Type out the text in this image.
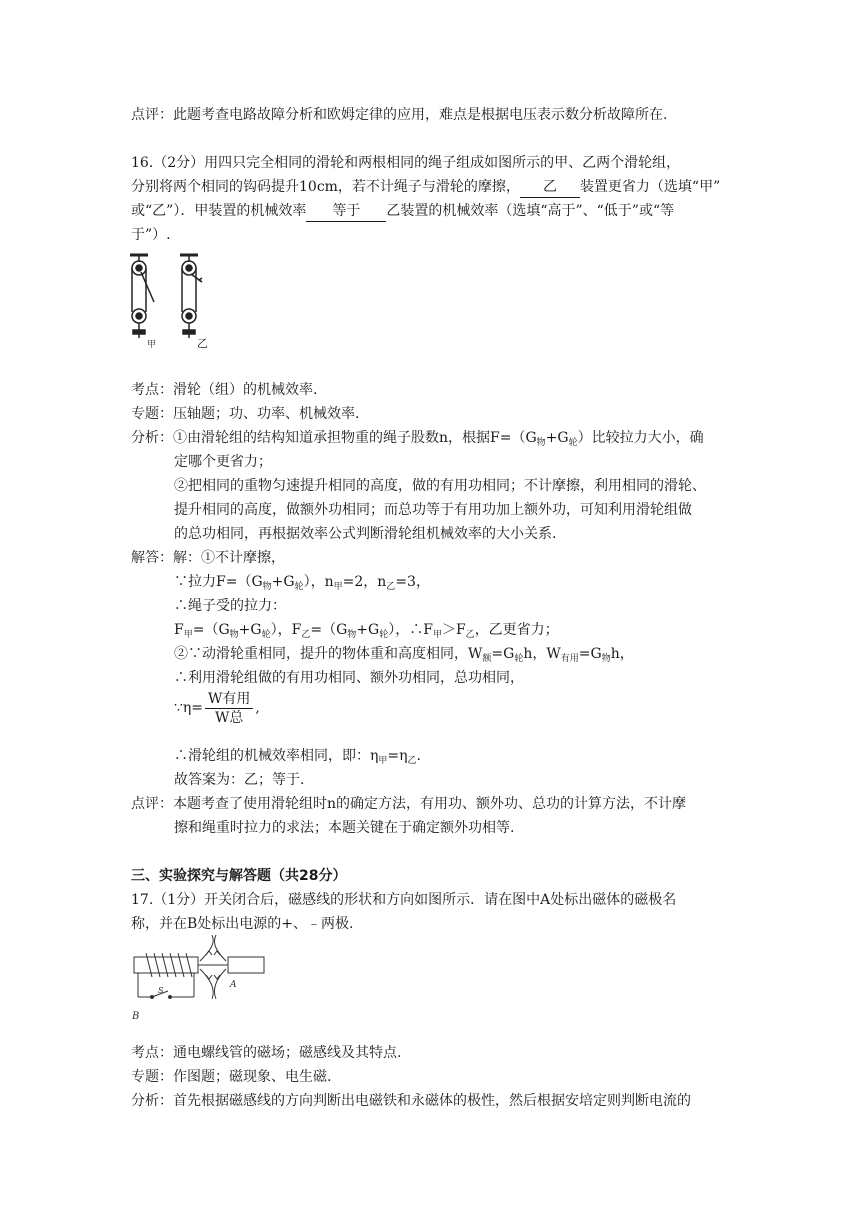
点评：此题考查电路故障分析和欧姆定律的应用，难点是根据电压表示数分析故障所在.
16.（2分）用四只完全相同的滑轮和两根相同的绳子组成如图所示的甲、乙两个滑轮组，
分别将两个相同的钩码提升10cm，若不计绳子与滑轮的摩擦， 乙 装置更省力（选填“甲”
或“乙”）．甲装置的机械效率 等于 乙装置的机械效率（选填“高于”、“低于”或“等
于”）.
甲	乙
考点：滑轮（组）的机械效率.
专题：压轴题；功、功率、机械效率.
分析：①由滑轮组的结构知道承担物重的绳子股数n，根据$F=(G_物+G_轮)$比较拉力大小，确
定哪个更省力；
②把相同的重物匀速提升相同的高度，做的有用功相同；不计摩擦，利用相同的滑轮、
提升相同的高度，做额外功相同；而总功等于有用功加上额外功，可知利用滑轮组做
的总功相同，再根据效率公式判断滑轮组机械效率的大小关系.
解答：解：①不计摩擦，
∵拉力$F=(G_物+G_轮)$，$n_甲=2$，$n_乙=3$，
∴绳子受的拉力：
$F_甲=(G_物+G_轮)$，$F_乙=(G_物+G_轮)$，$\therefore F_甲>F_乙$，乙更省力；
②∵动滑轮重相同，提升的物体重和高度相同，$W_额=G_轮h$，$W_{有用}=G_物h$，
∴利用滑轮组做的有用功相同、额外功相同，总功相同，
∵η= $\frac{\text{W有用}}{\text{W总}}$ ,
∴滑轮组的机械效率相同，即：$\eta_甲=\eta_乙$.
故答案为：乙；等于.
点评：本题考查了使用滑轮组时n的确定方法，有用功、额外功、总功的计算方法，不计摩
擦和绳重时拉力的求法；本题关键在于确定额外功相等.
三、实验探究与解答题（共28分）
17.（1分）开关闭合后，磁感线的形状和方向如图所示．请在图中A处标出磁体的磁极名
称，并在B处标出电源的+、﹣两极.
B
A
S
考点：通电螺线管的磁场；磁感线及其特点.
专题：作图题；磁现象、电生磁.
分析：首先根据磁感线的方向判断出电磁铁和永磁体的极性，然后根据安培定则判断电流的
